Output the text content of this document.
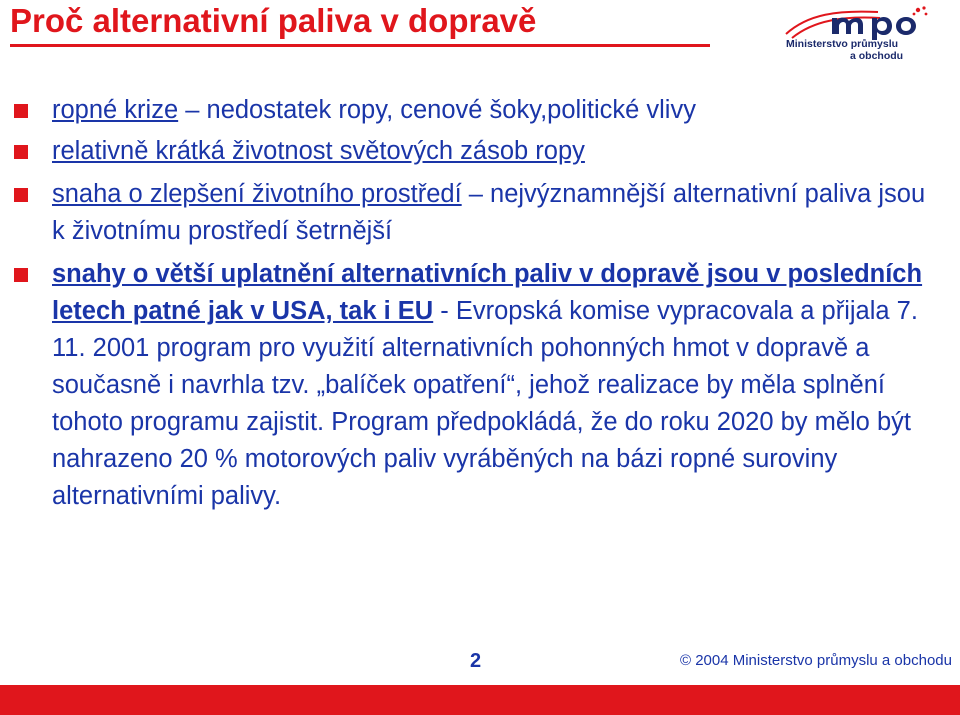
Proč alternativní paliva v dopravě
Ministerstvo průmyslu
a obchodu
ropné krize – nedostatek ropy, cenové šoky,politické vlivy
relativně krátká životnost světových zásob ropy
snaha o zlepšení životního prostředí – nejvýznamnější alternativní paliva jsou k životnímu prostředí šetrnější
snahy o větší uplatnění alternativních paliv v dopravě jsou v posledních letech patné jak v USA, tak i EU - Evropská komise vypracovala a přijala 7. 11. 2001 program pro využití alternativních pohonných hmot v dopravě a současně i navrhla tzv. „balíček opatření“, jehož realizace by měla splnění tohoto programu zajistit. Program předpokládá, že do roku 2020 by mělo být nahrazeno 20 % motorových paliv vyráběných na bázi ropné suroviny alternativními palivy.
2	© 2004 Ministerstvo průmyslu a obchodu
